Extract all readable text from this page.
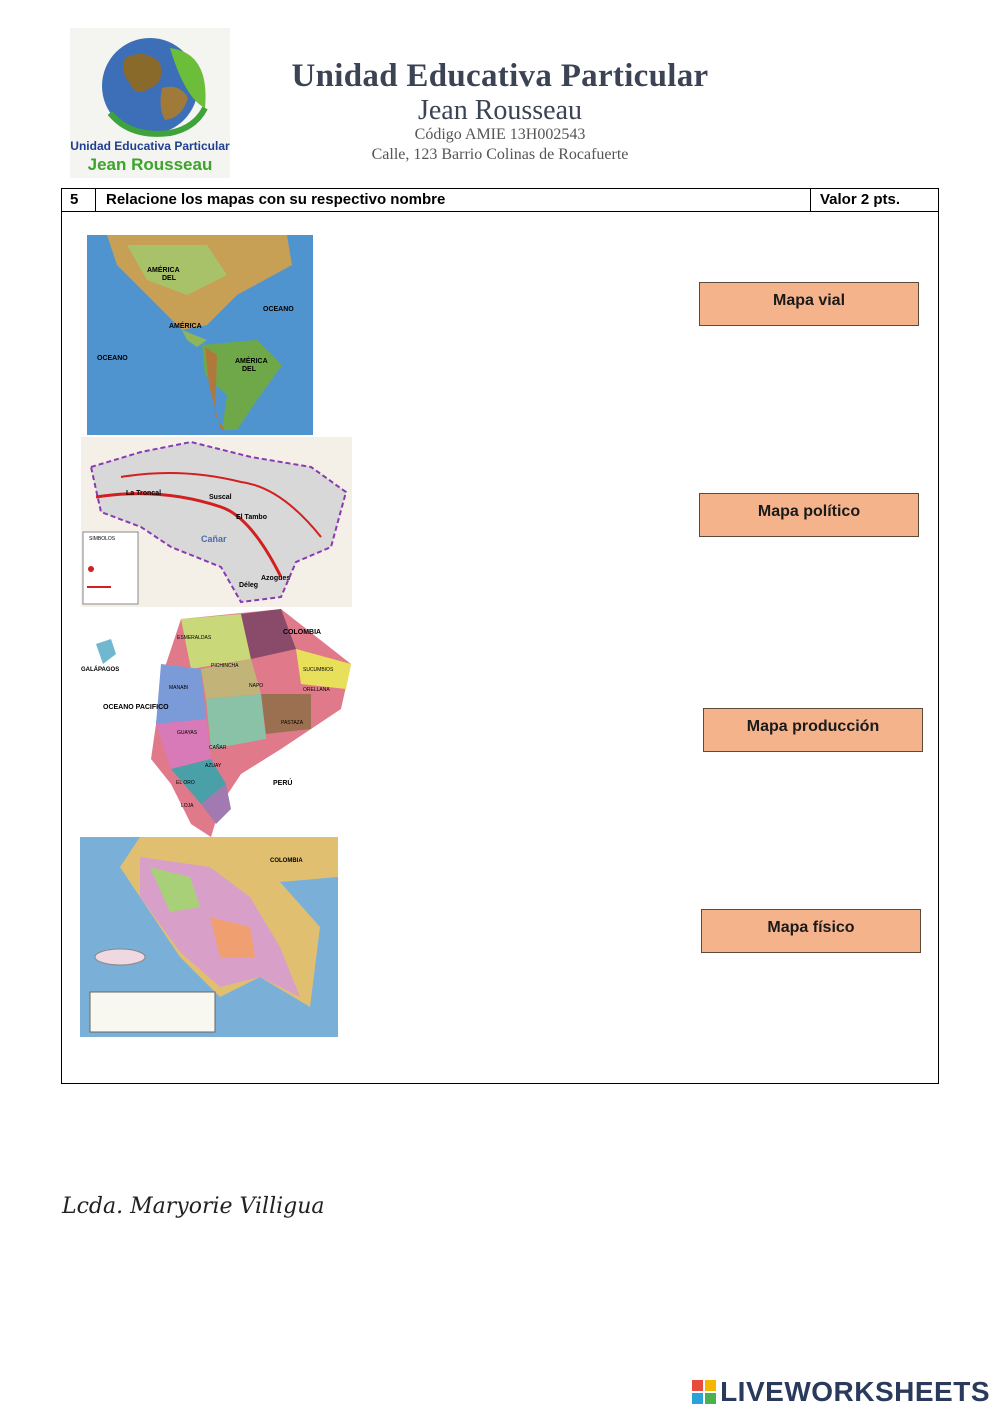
Unidad Educativa Particular
Jean Rousseau
Unidad Educativa Particular
Jean Rousseau
Código AMIE 13H002543
Calle, 123 Barrio Colinas de Rocafuerte
5	Relacione los mapas con su respectivo nombre	Valor 2 pts.
AMÉRICA
DEL
AMÉRICA
OCEANO
OCEANO	AMÉRICA
DEL
SIMBOLOS	Cañar
La Troncal
El Tambo
Azogues
Déleg
Suscal
COLOMBIA
GALÁPAGOS
OCEANO PACIFICO
PERÚ
ESMERALDAS
MANABI
PICHINCHA
NAPO
PASTAZA
LOJA
GUAYAS
AZUAY
SUCUMBIOS
ORELLANA
CAÑAR
EL ORO
COLOMBIA
Mapa vial
Mapa político
Mapa producción
Mapa físico
Lcda. Maryorie Villigua
LIVEWORKSHEETS
